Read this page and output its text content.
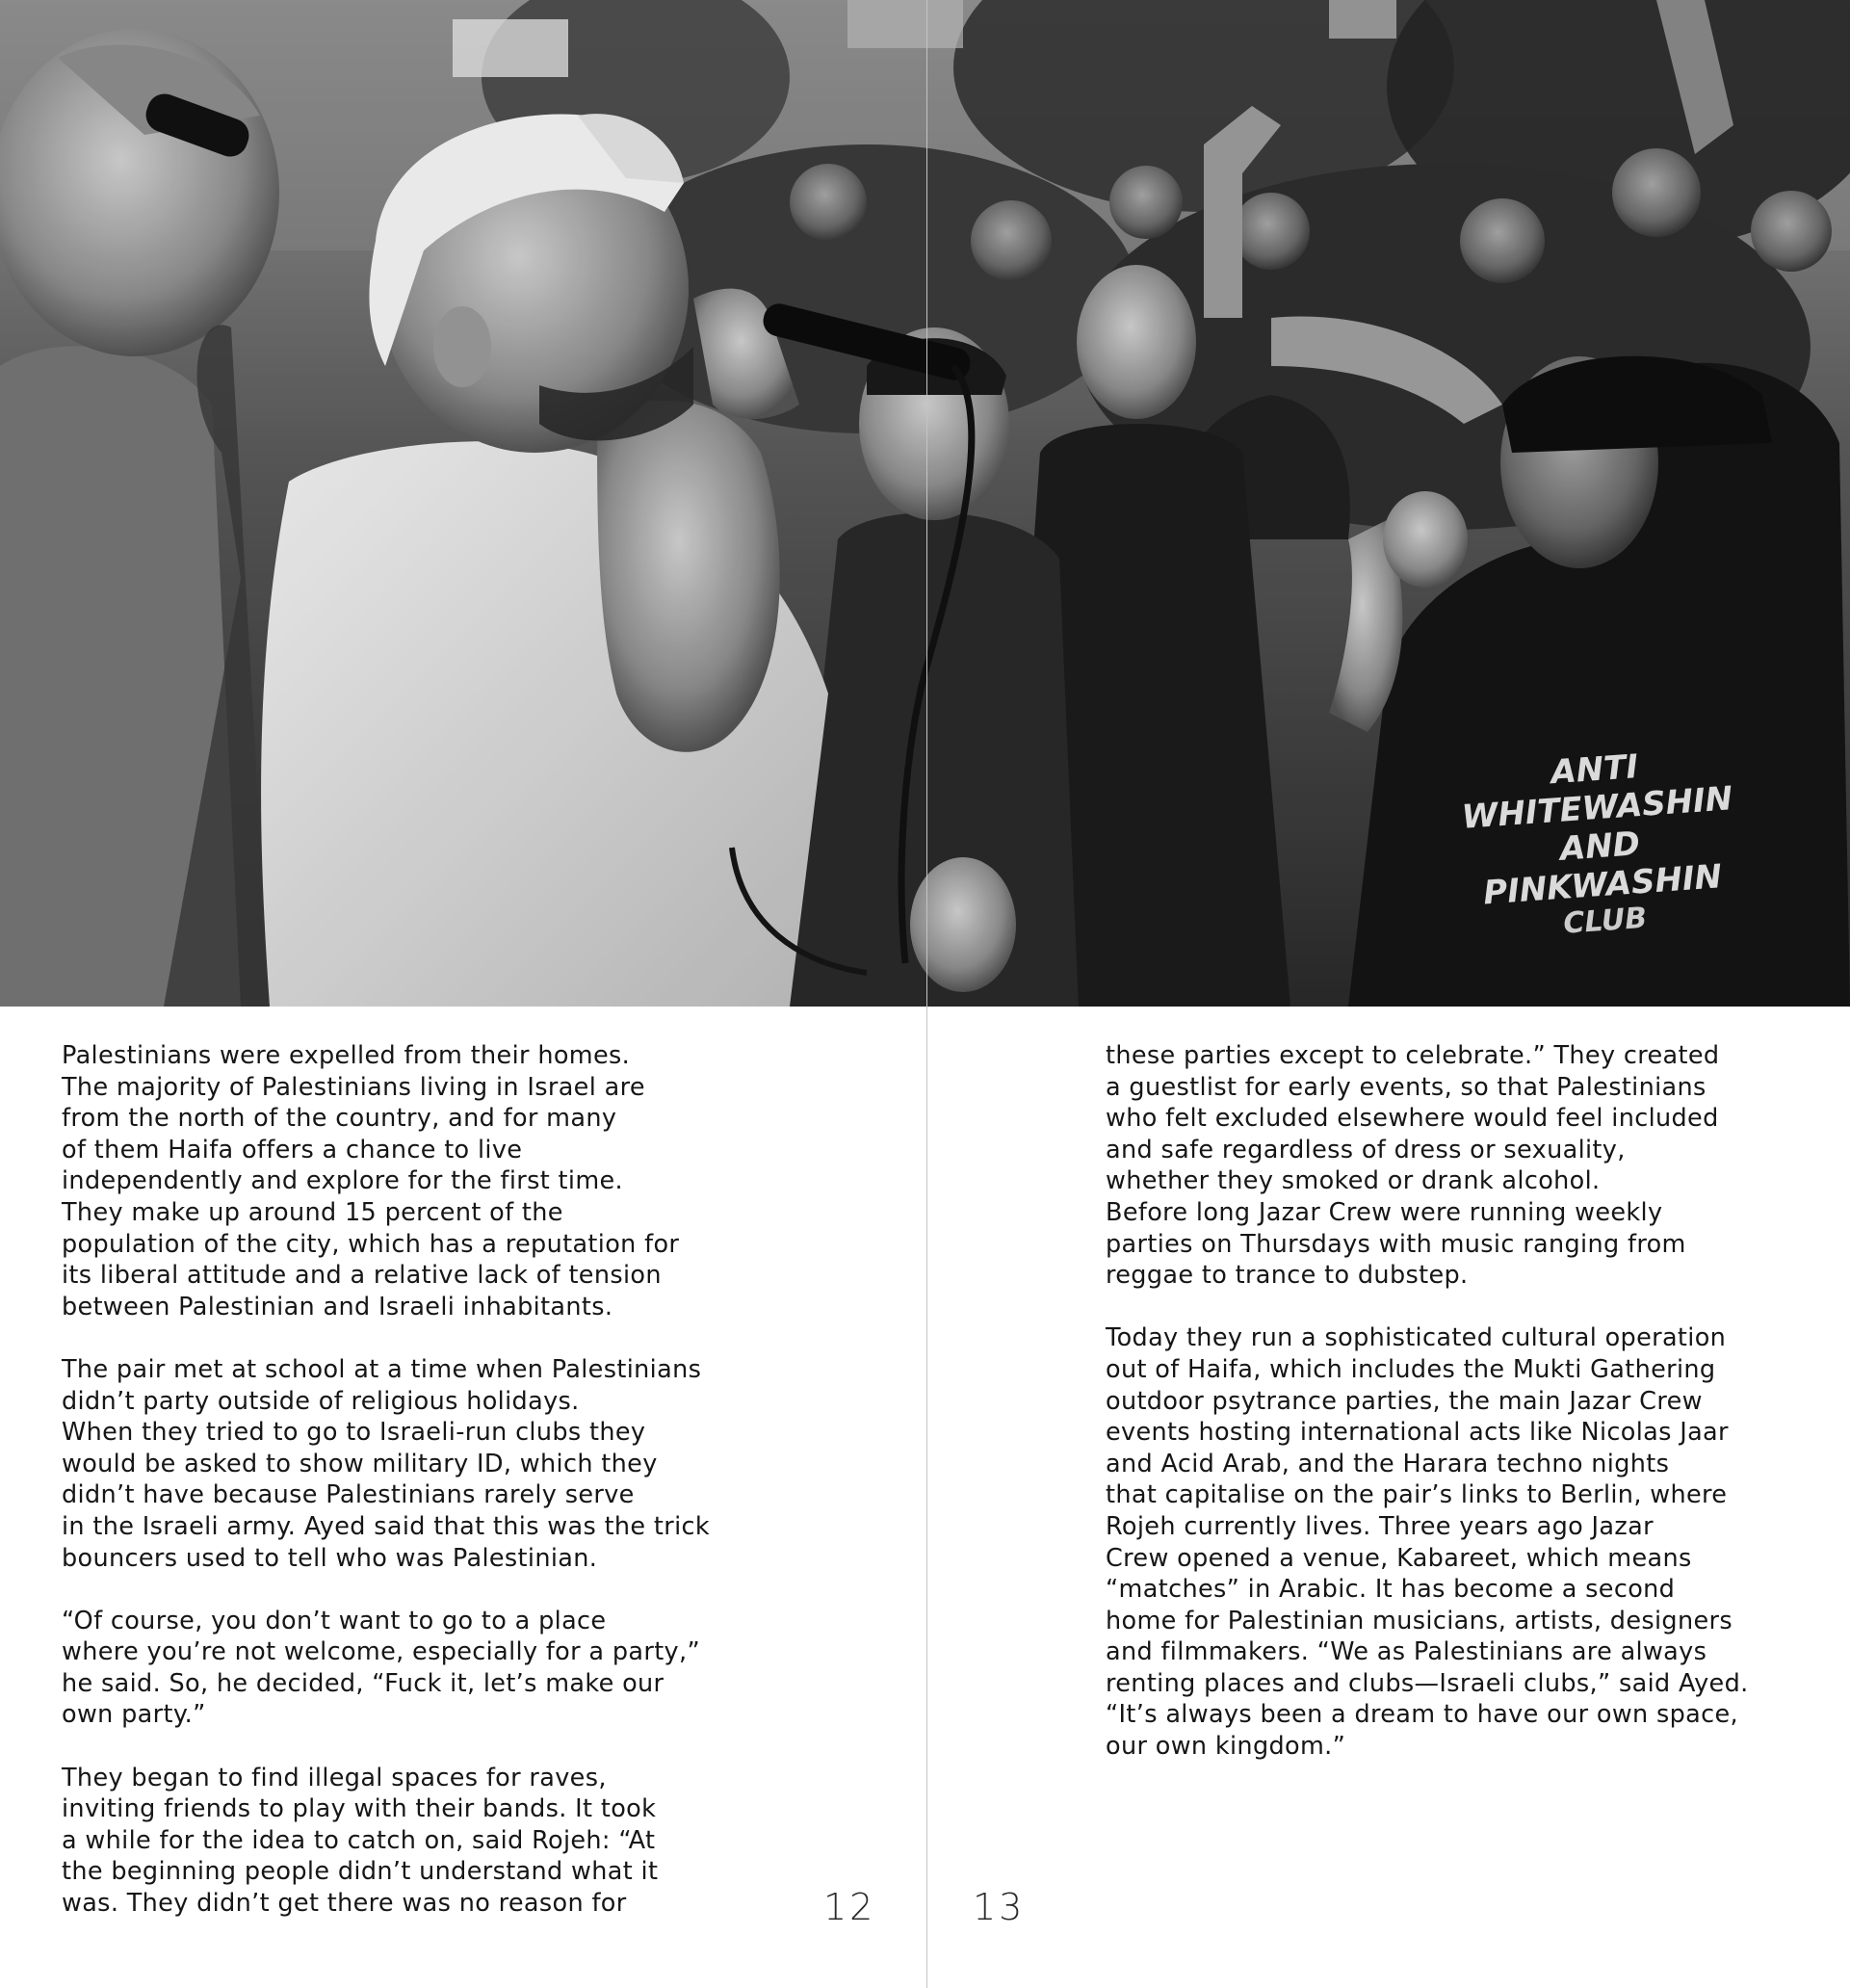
ANTI
WHITEWASHIN
AND
PINKWASHIN
CLUB

Palestinians were expelled from their homes.
The majority of Palestinians living in Israel are
from the north of the country, and for many
of them Haifa offers a chance to live
independently and explore for the first time.
They make up around 15 percent of the
population of the city, which has a reputation for
its liberal attitude and a relative lack of tension
between Palestinian and Israeli inhabitants.

The pair met at school at a time when Palestinians
didn’t party outside of religious holidays.
When they tried to go to Israeli-run clubs they
would be asked to show military ID, which they
didn’t have because Palestinians rarely serve
in the Israeli army. Ayed said that this was the trick
bouncers used to tell who was Palestinian.

“Of course, you don’t want to go to a place
where you’re not welcome, especially for a party,”
he said. So, he decided, “Fuck it, let’s make our
own party.”

They began to find illegal spaces for raves,
inviting friends to play with their bands. It took
a while for the idea to catch on, said Rojeh: “At
the beginning people didn’t understand what it
was. They didn’t get there was no reason for

these parties except to celebrate.” They created
a guestlist for early events, so that Palestinians
who felt excluded elsewhere would feel included
and safe regardless of dress or sexuality,
whether they smoked or drank alcohol.
Before long Jazar Crew were running weekly
parties on Thursdays with music ranging from
reggae to trance to dubstep.

Today they run a sophisticated cultural operation
out of Haifa, which includes the Mukti Gathering
outdoor psytrance parties, the main Jazar Crew
events hosting international acts like Nicolas Jaar
and Acid Arab, and the Harara techno nights
that capitalise on the pair’s links to Berlin, where
Rojeh currently lives. Three years ago Jazar
Crew opened a venue, Kabareet, which means
“matches” in Arabic. It has become a second
home for Palestinian musicians, artists, designers
and filmmakers. “We as Palestinians are always
renting places and clubs—Israeli clubs,” said Ayed.
“It’s always been a dream to have our own space,
our own kingdom.”

12	13
